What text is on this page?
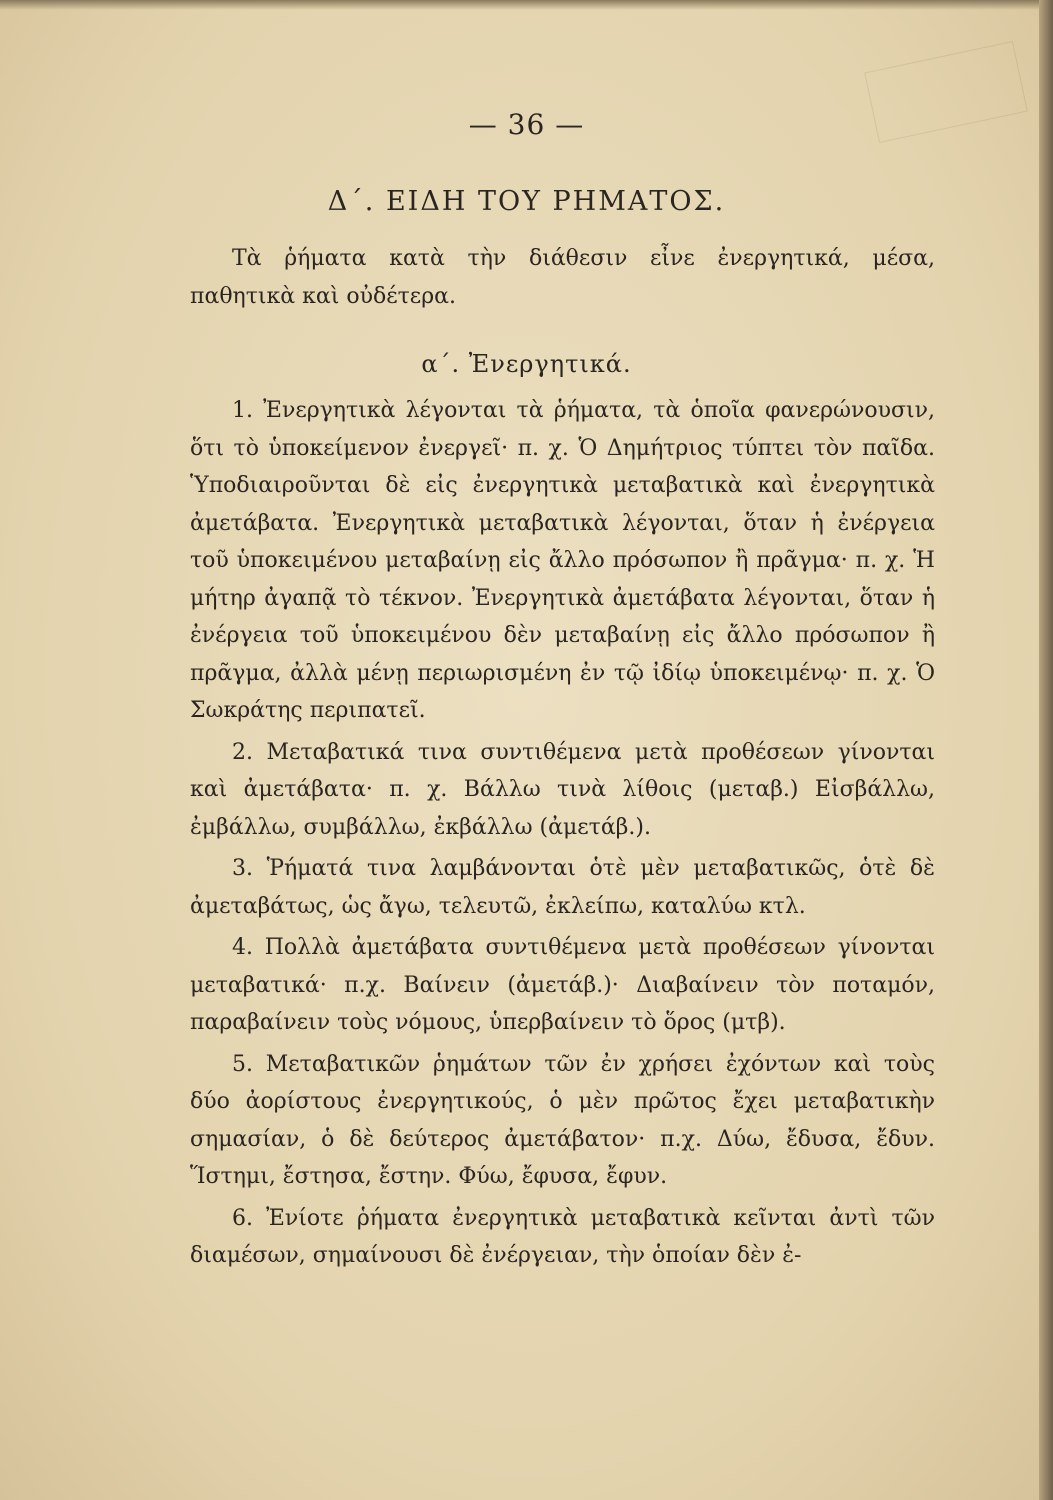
— 36 —
Δ΄. ΕΙΔΗ ΤΟΥ ΡΗΜΑΤΟΣ.

Τὰ ῥήματα κατὰ τὴν διάθεσιν εἶνε ἐνεργητικά, μέσα, παθητικὰ καὶ οὐδέτερα.

α΄. Ἐνεργητικά.

1. Ἐνεργητικὰ λέγονται τὰ ῥήματα, τὰ ὁποῖα φανερώνουσιν, ὅτι τὸ ὑποκείμενον ἐνεργεῖ· π. χ. Ὁ Δημήτριος τύπτει τὸν παῖδα. Ὑποδιαιροῦνται δὲ εἰς ἐνεργητικὰ μεταβατικὰ καὶ ἐνεργητικὰ ἀμετάβατα. Ἐνεργητικὰ μεταβατικὰ λέγονται, ὅταν ἡ ἐνέργεια τοῦ ὑποκειμένου μεταβαίνῃ εἰς ἄλλο πρόσωπον ἢ πρᾶγμα· π. χ. Ἡ μήτηρ ἀγαπᾷ τὸ τέκνον. Ἐνεργητικὰ ἀμετάβατα λέγονται, ὅταν ἡ ἐνέργεια τοῦ ὑποκειμένου δὲν μεταβαίνῃ εἰς ἄλλο πρόσωπον ἢ πρᾶγμα, ἀλλὰ μένῃ περιωρισμένη ἐν τῷ ἰδίῳ ὑποκειμένῳ· π. χ. Ὁ Σωκράτης περιπατεῖ.

2. Μεταβατικά τινα συντιθέμενα μετὰ προθέσεων γίνονται καὶ ἀμετάβατα· π. χ. Βάλλω τινὰ λίθοις (μεταβ.) Εἰσβάλλω, ἐμβάλλω, συμβάλλω, ἐκβάλλω (ἀμετάβ.).

3. Ῥήματά τινα λαμβάνονται ὁτὲ μὲν μεταβατικῶς, ὁτὲ δὲ ἀμεταβάτως, ὡς ἄγω, τελευτῶ, ἐκλείπω, καταλύω κτλ.

4. Πολλὰ ἀμετάβατα συντιθέμενα μετὰ προθέσεων γίνονται μεταβατικά· π.χ. Βαίνειν (ἀμετάβ.)· Διαβαίνειν τὸν ποταμόν, παραβαίνειν τοὺς νόμους, ὑπερβαίνειν τὸ ὅρος (μτβ).

5. Μεταβατικῶν ῥημάτων τῶν ἐν χρήσει ἐχόντων καὶ τοὺς δύο ἀορίστους ἐνεργητικούς, ὁ μὲν πρῶτος ἔχει μεταβατικὴν σημασίαν, ὁ δὲ δεύτερος ἀμετάβατον· π.χ. Δύω, ἔδυσα, ἔδυν. Ἵστημι, ἔστησα, ἔστην. Φύω, ἔφυσα, ἔφυν.

6. Ἐνίοτε ῥήματα ἐνεργητικὰ μεταβατικὰ κεῖνται ἀντὶ τῶν διαμέσων, σημαίνουσι δὲ ἐνέργειαν, τὴν ὁποίαν δὲν ἐ-
